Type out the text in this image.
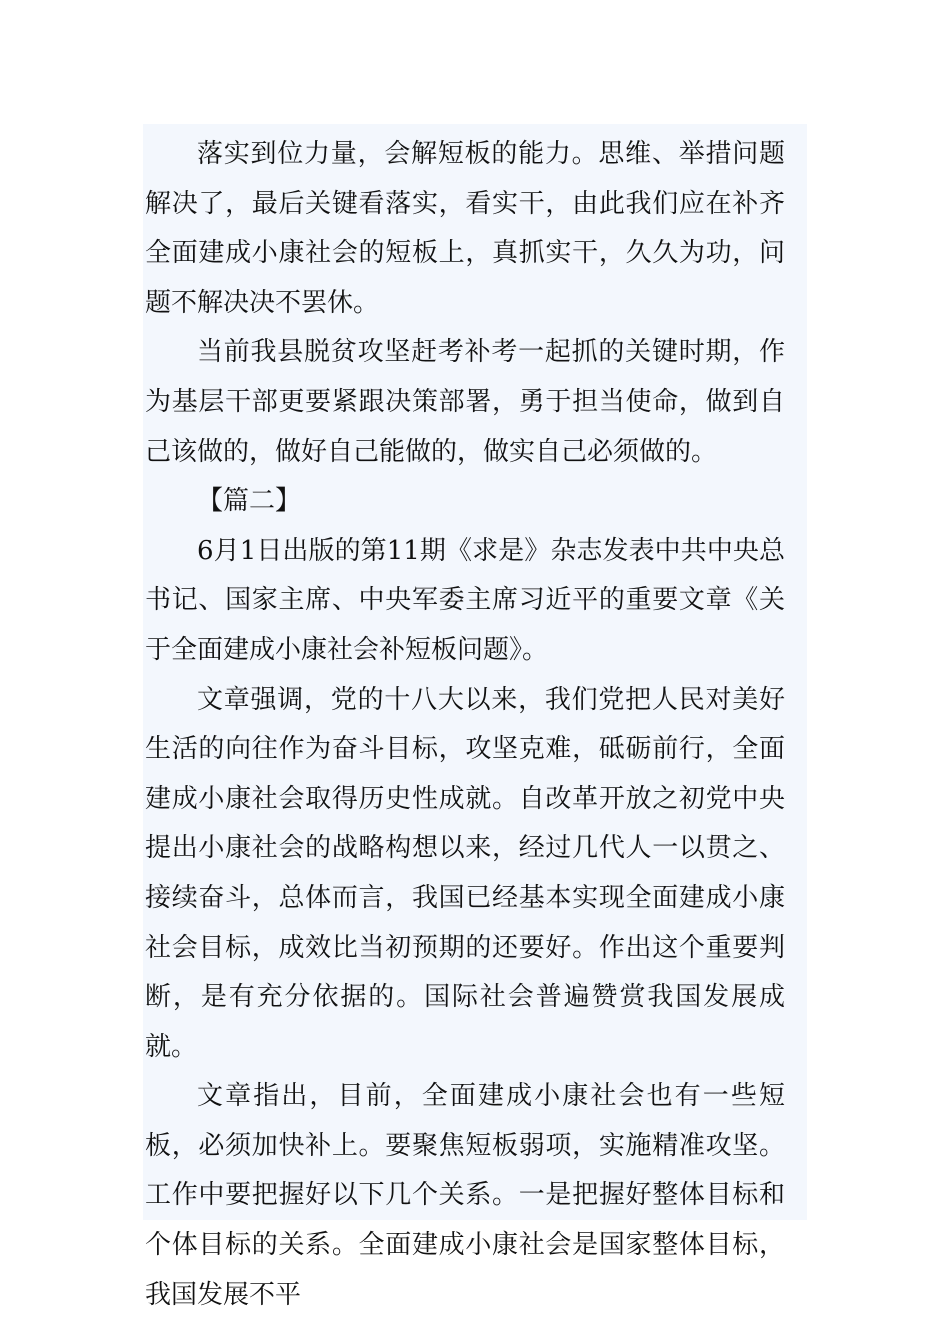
落实到位力量，会解短板的能力。思维、举措问题解决了，最后关键看落实，看实干，由此我们应在补齐全面建成小康社会的短板上，真抓实干，久久为功，问题不解决决不罢休。

当前我县脱贫攻坚赶考补考一起抓的关键时期，作为基层干部更要紧跟决策部署，勇于担当使命，做到自己该做的，做好自己能做的，做实自己必须做的。

【篇二】

6月1日出版的第11期《求是》杂志发表中共中央总书记、国家主席、中央军委主席习近平的重要文章《关于全面建成小康社会补短板问题》。

文章强调，党的十八大以来，我们党把人民对美好生活的向往作为奋斗目标，攻坚克难，砥砺前行，全面建成小康社会取得历史性成就。自改革开放之初党中央提出小康社会的战略构想以来，经过几代人一以贯之、接续奋斗，总体而言，我国已经基本实现全面建成小康社会目标，成效比当初预期的还要好。作出这个重要判断，是有充分依据的。国际社会普遍赞赏我国发展成就。

文章指出，目前，全面建成小康社会也有一些短板，必须加快补上。要聚焦短板弱项，实施精准攻坚。工作中要把握好以下几个关系。一是把握好整体目标和个体目标的关系。全面建成小康社会是国家整体目标，我国发展不平
